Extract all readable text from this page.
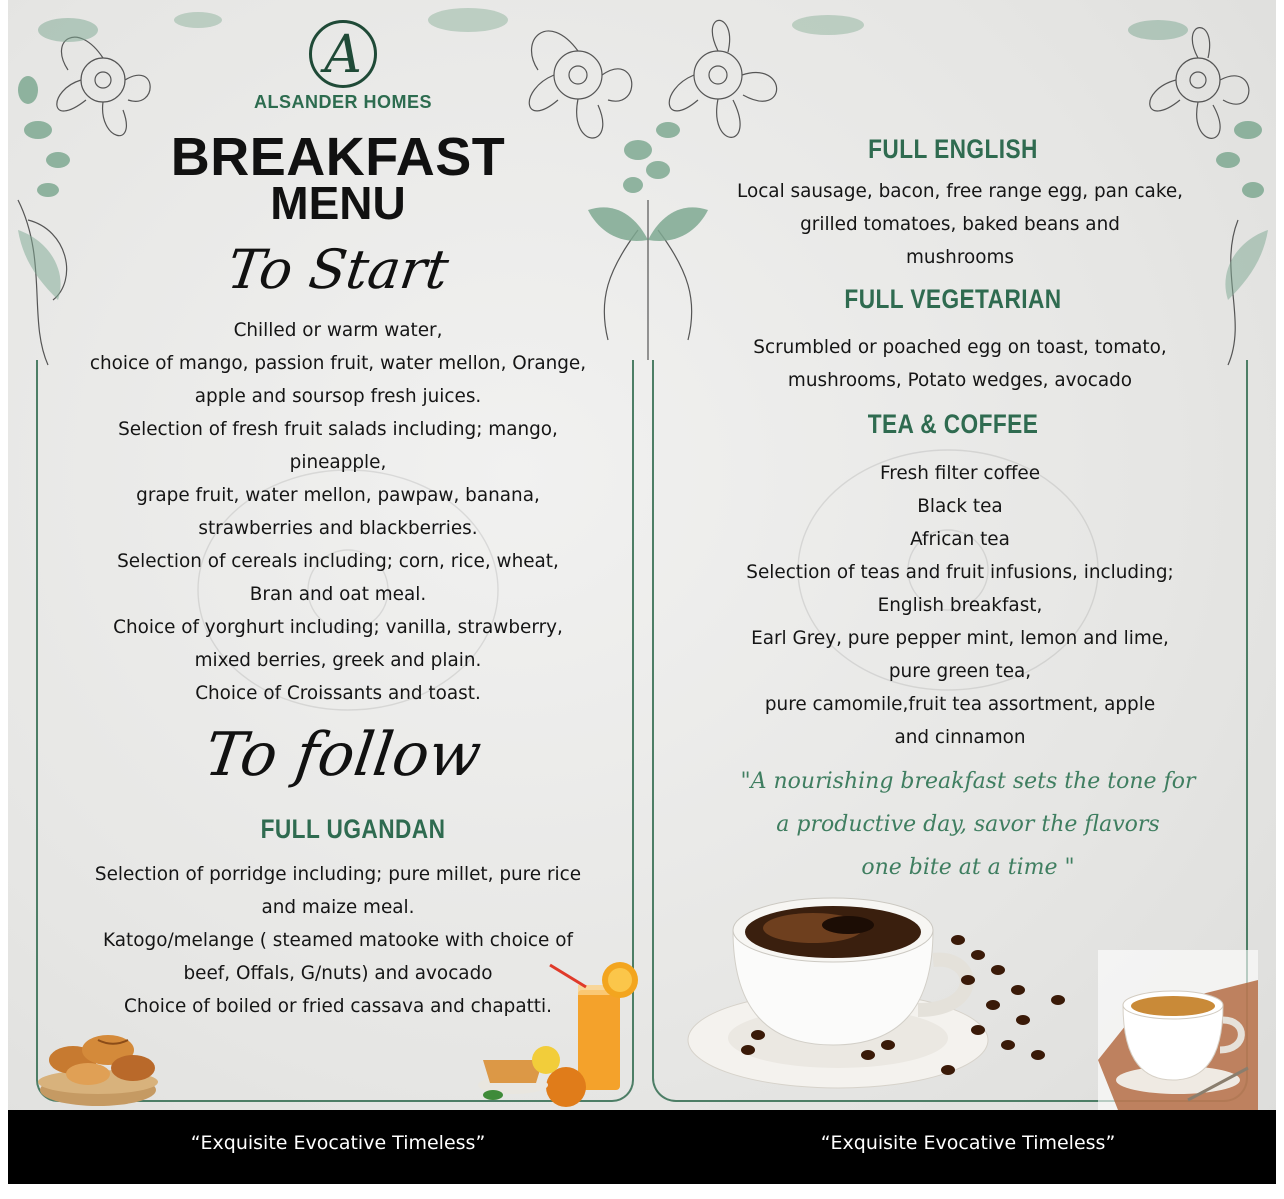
A
ALSANDER HOMES
BREAKFAST
MENU
To Start
Chilled or warm water,
choice of mango, passion fruit, water mellon, Orange,
apple and soursop fresh juices.
Selection of fresh fruit salads including; mango,
pineapple,
grape fruit, water mellon, pawpaw, banana,
strawberries and blackberries.
Selection of cereals including; corn, rice, wheat,
Bran and oat meal.
Choice of yorghurt including; vanilla, strawberry,
mixed berries, greek and plain.
Choice of Croissants and toast.
To follow
FULL UGANDAN
Selection of porridge including; pure millet, pure rice
and maize meal.
Katogo/melange ( steamed matooke with choice of
beef, Offals, G/nuts) and avocado
Choice of boiled or fried cassava and chapatti.
FULL ENGLISH
Local sausage, bacon, free range egg, pan cake,
grilled tomatoes, baked beans and
mushrooms
FULL VEGETARIAN
Scrumbled or poached egg on toast, tomato,
mushrooms, Potato wedges, avocado
TEA & COFFEE
Fresh filter coffee
Black tea
African tea
Selection of teas and fruit infusions, including;
English breakfast,
Earl Grey, pure pepper mint, lemon and lime,
pure green tea,
pure camomile,fruit tea assortment, apple
and cinnamon
"A nourishing breakfast sets the tone for
a productive day, savor the flavors
one bite at a time "
“Exquisite Evocative Timeless”	“Exquisite Evocative Timeless”
